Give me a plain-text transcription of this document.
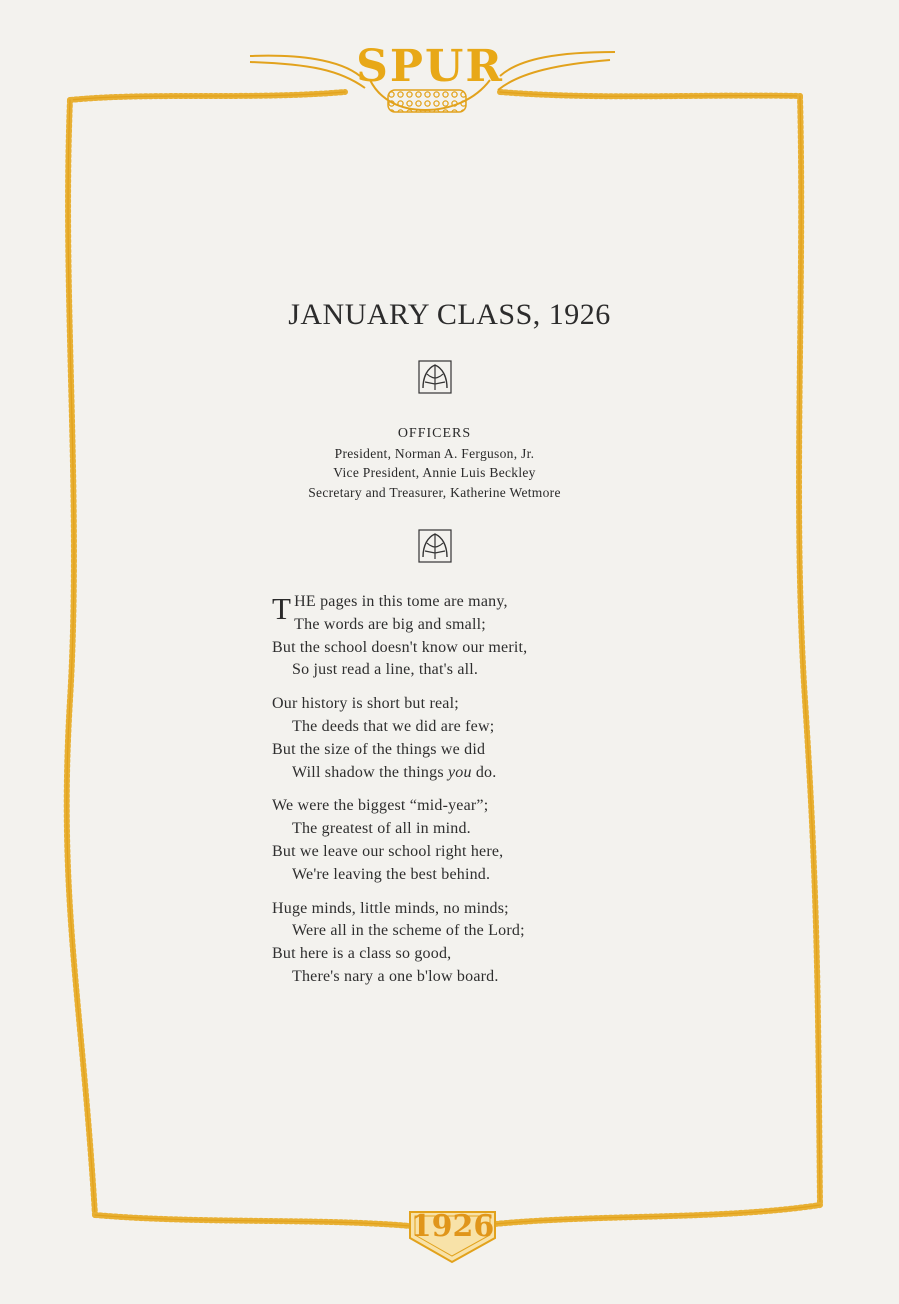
SPUR
1926
JANUARY CLASS, 1926
OFFICERS
President, Norman A. Ferguson, Jr.
Vice President, Annie Luis Beckley
Secretary and Treasurer, Katherine Wetmore
T HE pages in this tome are many,
The words are big and small;
But the school doesn't know our merit,
So just read a line, that's all.
Our history is short but real;
The deeds that we did are few;
But the size of the things we did
Will shadow the things you do.
We were the biggest “mid-year”;
The greatest of all in mind.
But we leave our school right here,
We're leaving the best behind.
Huge minds, little minds, no minds;
Were all in the scheme of the Lord;
But here is a class so good,
There's nary a one b'low board.
